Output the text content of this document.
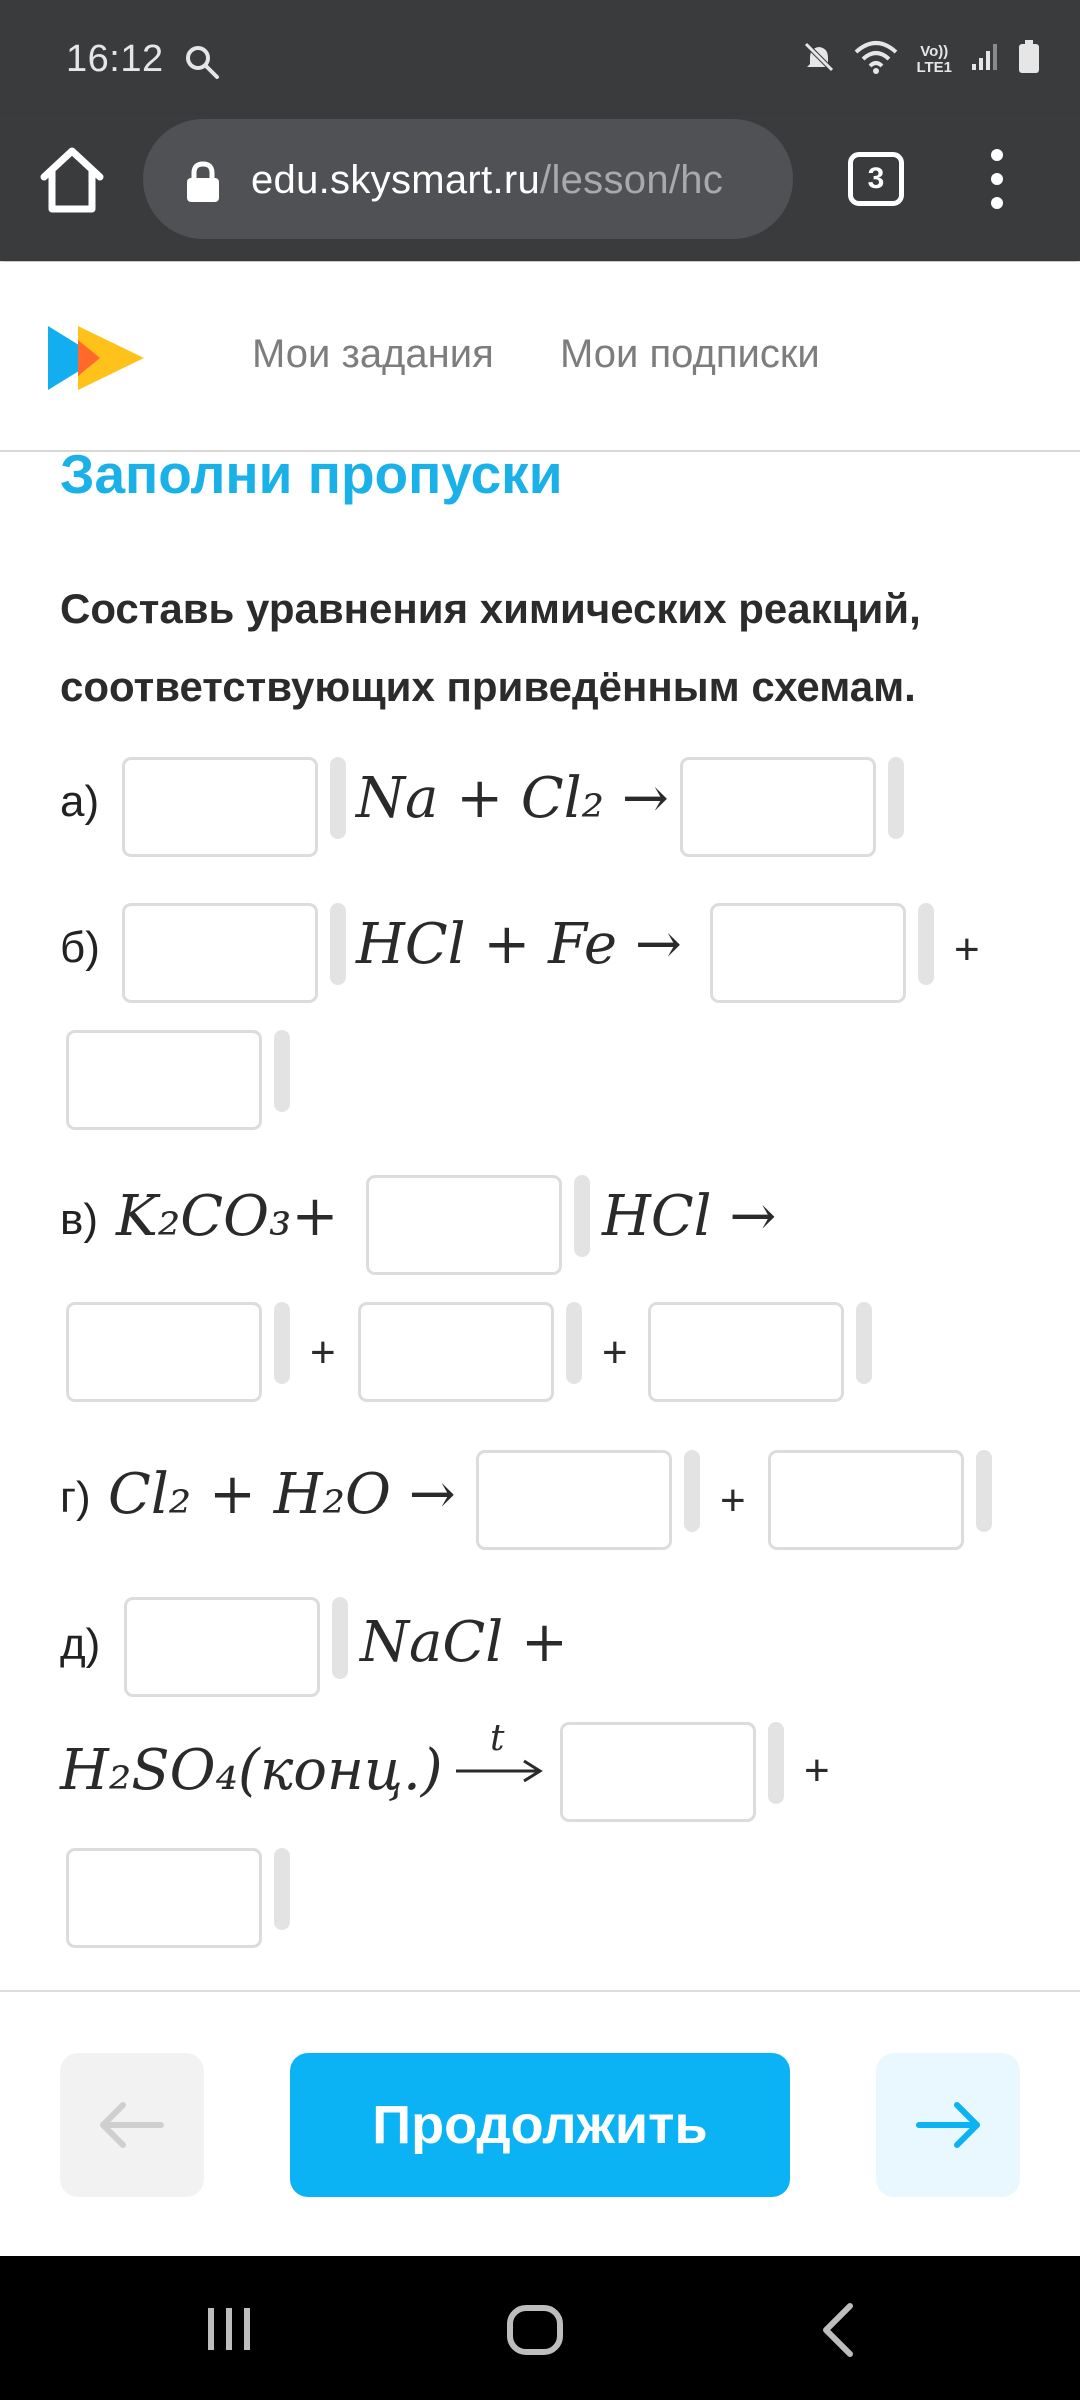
16:12	Vo))
LTE1
edu.skysmart.ru/lesson/hc	3
Мои задания Мои подписки
Заполни пропуски
Составь уравнения химических реакций, соответствующих приведённым схемам.
а)	Na + Cl₂ →
б)	HCl + Fe →	+
в) K₂CO₃+	HCl →
+	+
г) Cl₂ + H₂O →	+
д)	NaCl +
H₂SO₄(конц.) t
+
Продолжить
